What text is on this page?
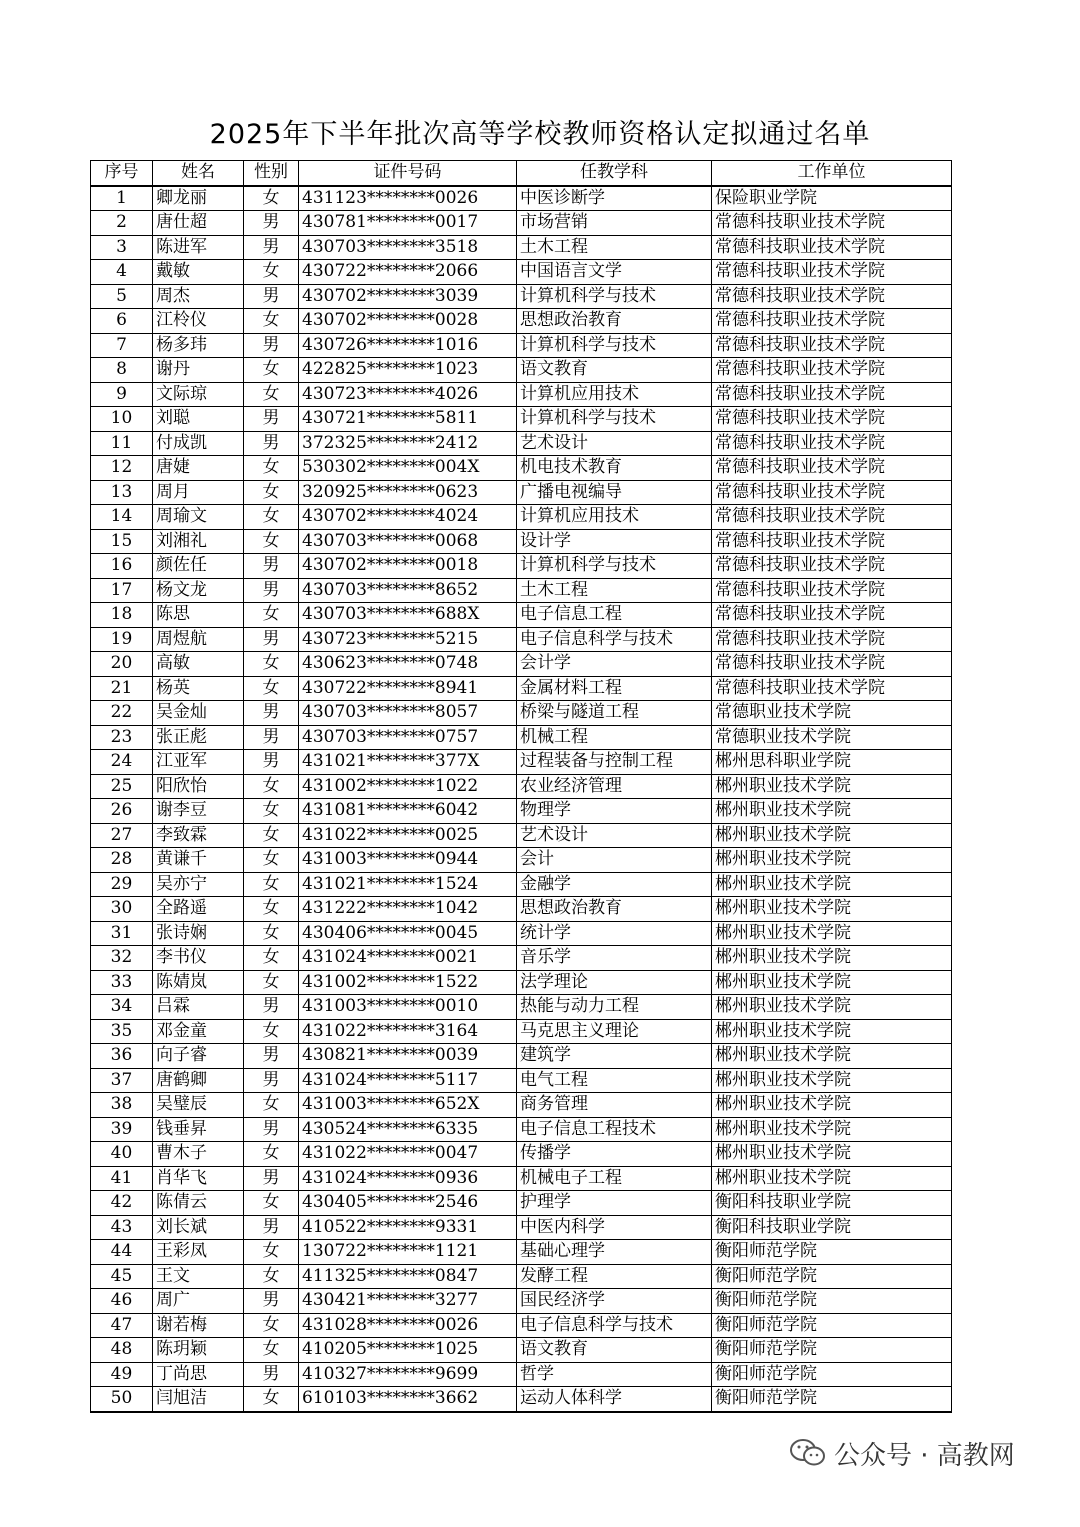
2025年下半年批次高等学校教师资格认定拟通过名单
序号	姓名	性别	证件号码	任教学科	工作单位
1	卿龙丽	女	431123********0026	中医诊断学	保险职业学院
2	唐仕超	男	430781********0017	市场营销	常德科技职业技术学院
3	陈进军	男	430703********3518	土木工程	常德科技职业技术学院
4	戴敏	女	430722********2066	中国语言文学	常德科技职业技术学院
5	周杰	男	430702********3039	计算机科学与技术	常德科技职业技术学院
6	江柃仪	女	430702********0028	思想政治教育	常德科技职业技术学院
7	杨多玮	男	430726********1016	计算机科学与技术	常德科技职业技术学院
8	谢丹	女	422825********1023	语文教育	常德科技职业技术学院
9	文际琼	女	430723********4026	计算机应用技术	常德科技职业技术学院
10	刘聪	男	430721********5811	计算机科学与技术	常德科技职业技术学院
11	付成凯	男	372325********2412	艺术设计	常德科技职业技术学院
12	唐婕	女	530302********004X	机电技术教育	常德科技职业技术学院
13	周月	女	320925********0623	广播电视编导	常德科技职业技术学院
14	周瑜文	女	430702********4024	计算机应用技术	常德科技职业技术学院
15	刘湘礼	女	430703********0068	设计学	常德科技职业技术学院
16	颜佐任	男	430702********0018	计算机科学与技术	常德科技职业技术学院
17	杨文龙	男	430703********8652	土木工程	常德科技职业技术学院
18	陈思	女	430703********688X	电子信息工程	常德科技职业技术学院
19	周煜航	男	430723********5215	电子信息科学与技术	常德科技职业技术学院
20	高敏	女	430623********0748	会计学	常德科技职业技术学院
21	杨英	女	430722********8941	金属材料工程	常德科技职业技术学院
22	吴金灿	男	430703********8057	桥梁与隧道工程	常德职业技术学院
23	张正彪	男	430703********0757	机械工程	常德职业技术学院
24	江亚军	男	431021********377X	过程装备与控制工程	郴州思科职业学院
25	阳欣怡	女	431002********1022	农业经济管理	郴州职业技术学院
26	谢李豆	女	431081********6042	物理学	郴州职业技术学院
27	李致霖	女	431022********0025	艺术设计	郴州职业技术学院
28	黄谦千	女	431003********0944	会计	郴州职业技术学院
29	吴亦宁	女	431021********1524	金融学	郴州职业技术学院
30	全路遥	女	431222********1042	思想政治教育	郴州职业技术学院
31	张诗娴	女	430406********0045	统计学	郴州职业技术学院
32	李书仪	女	431024********0021	音乐学	郴州职业技术学院
33	陈婧岚	女	431002********1522	法学理论	郴州职业技术学院
34	吕霖	男	431003********0010	热能与动力工程	郴州职业技术学院
35	邓金童	女	431022********3164	马克思主义理论	郴州职业技术学院
36	向子睿	男	430821********0039	建筑学	郴州职业技术学院
37	唐鹤卿	男	431024********5117	电气工程	郴州职业技术学院
38	吴璧辰	女	431003********652X	商务管理	郴州职业技术学院
39	钱垂昇	男	430524********6335	电子信息工程技术	郴州职业技术学院
40	曹木子	女	431022********0047	传播学	郴州职业技术学院
41	肖华飞	男	431024********0936	机械电子工程	郴州职业技术学院
42	陈倩云	女	430405********2546	护理学	衡阳科技职业学院
43	刘长斌	男	410522********9331	中医内科学	衡阳科技职业学院
44	王彩凤	女	130722********1121	基础心理学	衡阳师范学院
45	王文	女	411325********0847	发酵工程	衡阳师范学院
46	周广	男	430421********3277	国民经济学	衡阳师范学院
47	谢若梅	女	431028********0026	电子信息科学与技术	衡阳师范学院
48	陈玥颖	女	410205********1025	语文教育	衡阳师范学院
49	丁尚思	男	410327********9699	哲学	衡阳师范学院
50	闫旭洁	女	610103********3662	运动人体科学	衡阳师范学院
公众号 · 高教网
